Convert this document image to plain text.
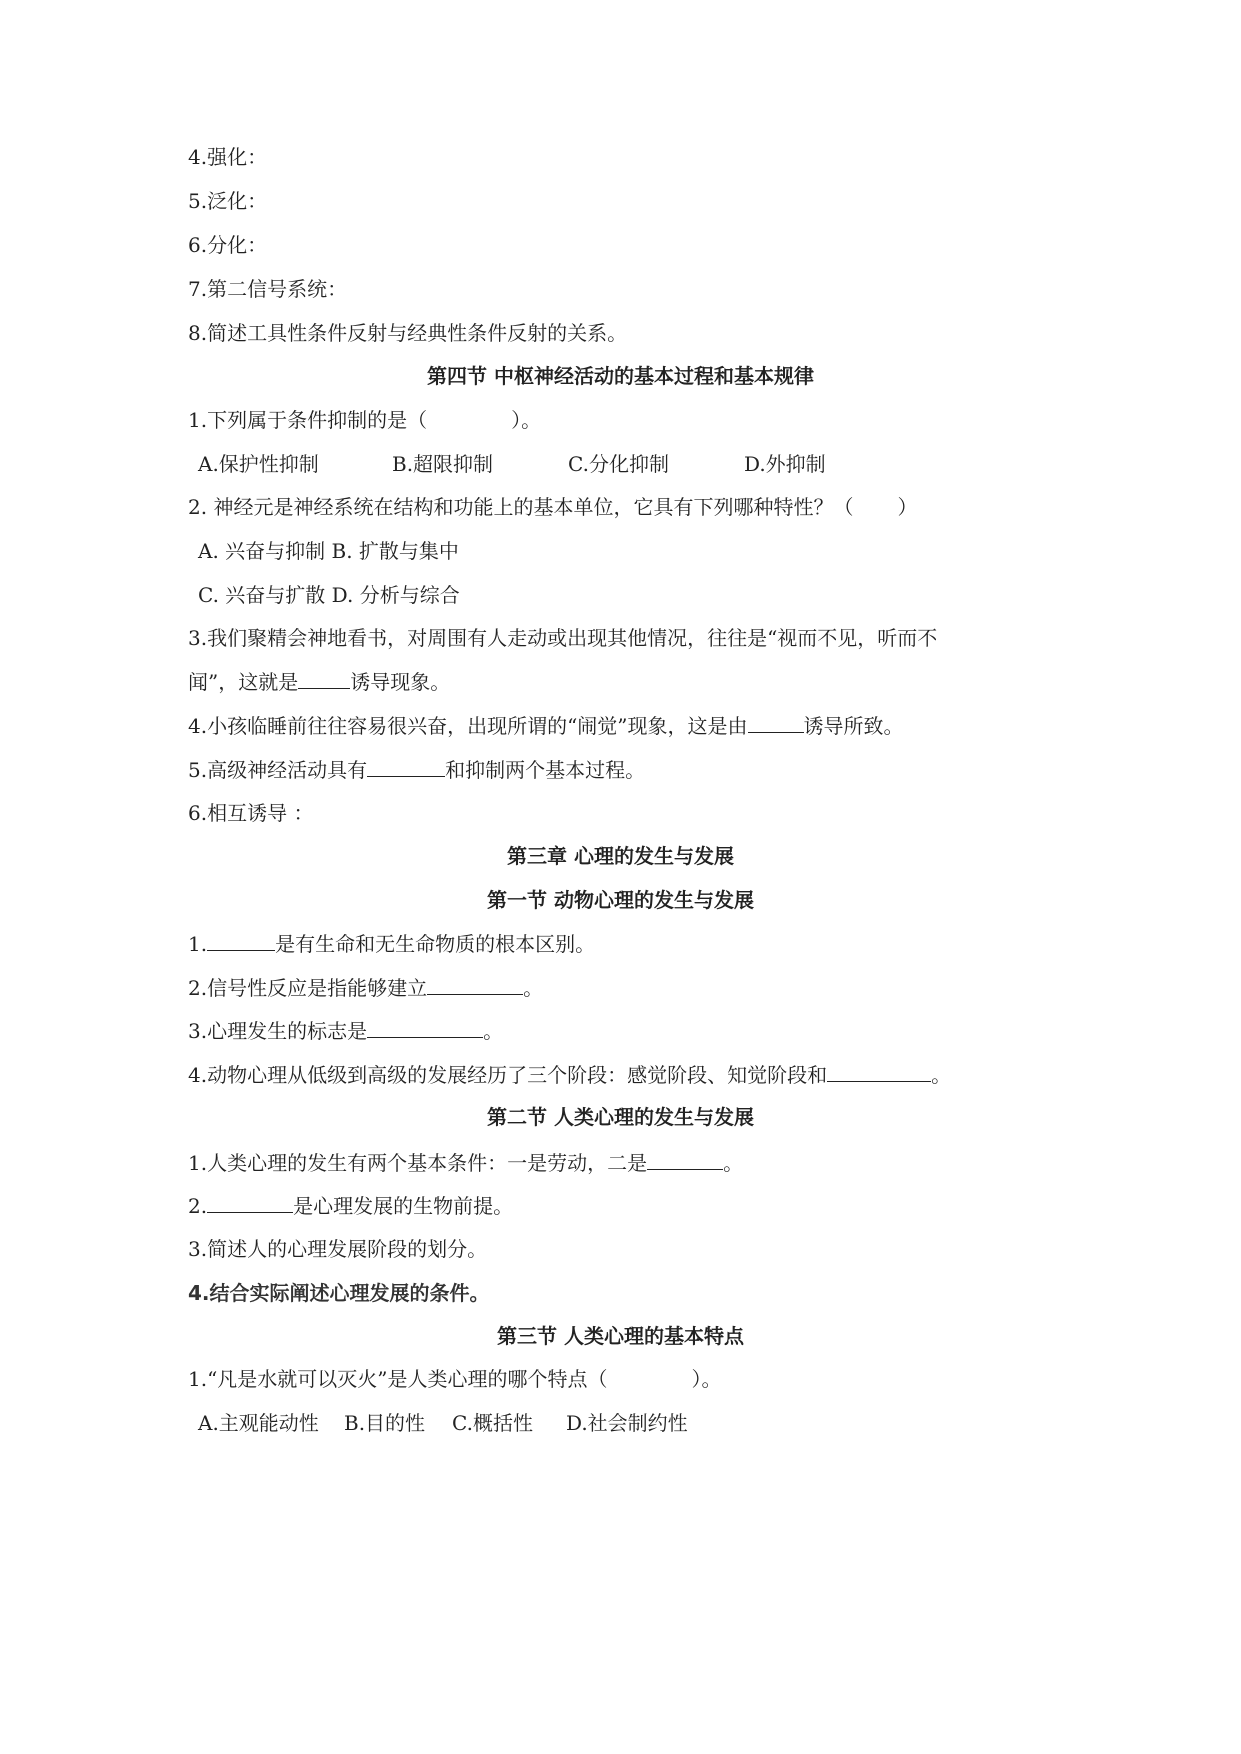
4.强化：
5.泛化：
6.分化：
7.第二信号系统：
8.简述工具性条件反射与经典性条件反射的关系。
第四节 中枢神经活动的基本过程和基本规律
1.下列属于条件抑制的是（	）。
A.保护性抑制	B.超限抑制	C.分化抑制	D.外抑制
2. 神经元是神经系统在结构和功能上的基本单位，它具有下列哪种特性？（ ）
A. 兴奋与抑制 B. 扩散与集中
C. 兴奋与扩散 D. 分析与综合
3.我们聚精会神地看书，对周围有人走动或出现其他情况，往往是“视而不见，听而不
闻”，这就是	诱导现象。
4.小孩临睡前往往容易很兴奋，出现所谓的“闹觉”现象，这是由	诱导所致。
5.高级神经活动具有	和抑制两个基本过程。
6.相互诱导 ：
第三章 心理的发生与发展
第一节 动物心理的发生与发展
1.	是有生命和无生命物质的根本区别。
2.信号性反应是指能够建立	。
3.心理发生的标志是	。
4.动物心理从低级到高级的发展经历了三个阶段：感觉阶段、知觉阶段和	。
第二节 人类心理的发生与发展
1.人类心理的发生有两个基本条件：一是劳动，二是	。
2.	是心理发展的生物前提。
3.简述人的心理发展阶段的划分。
4.结合实际阐述心理发展的条件。
第三节 人类心理的基本特点
1.“凡是水就可以灭火”是人类心理的哪个特点（	）。
A.主观能动性 B.目的性 C.概括性 D.社会制约性
